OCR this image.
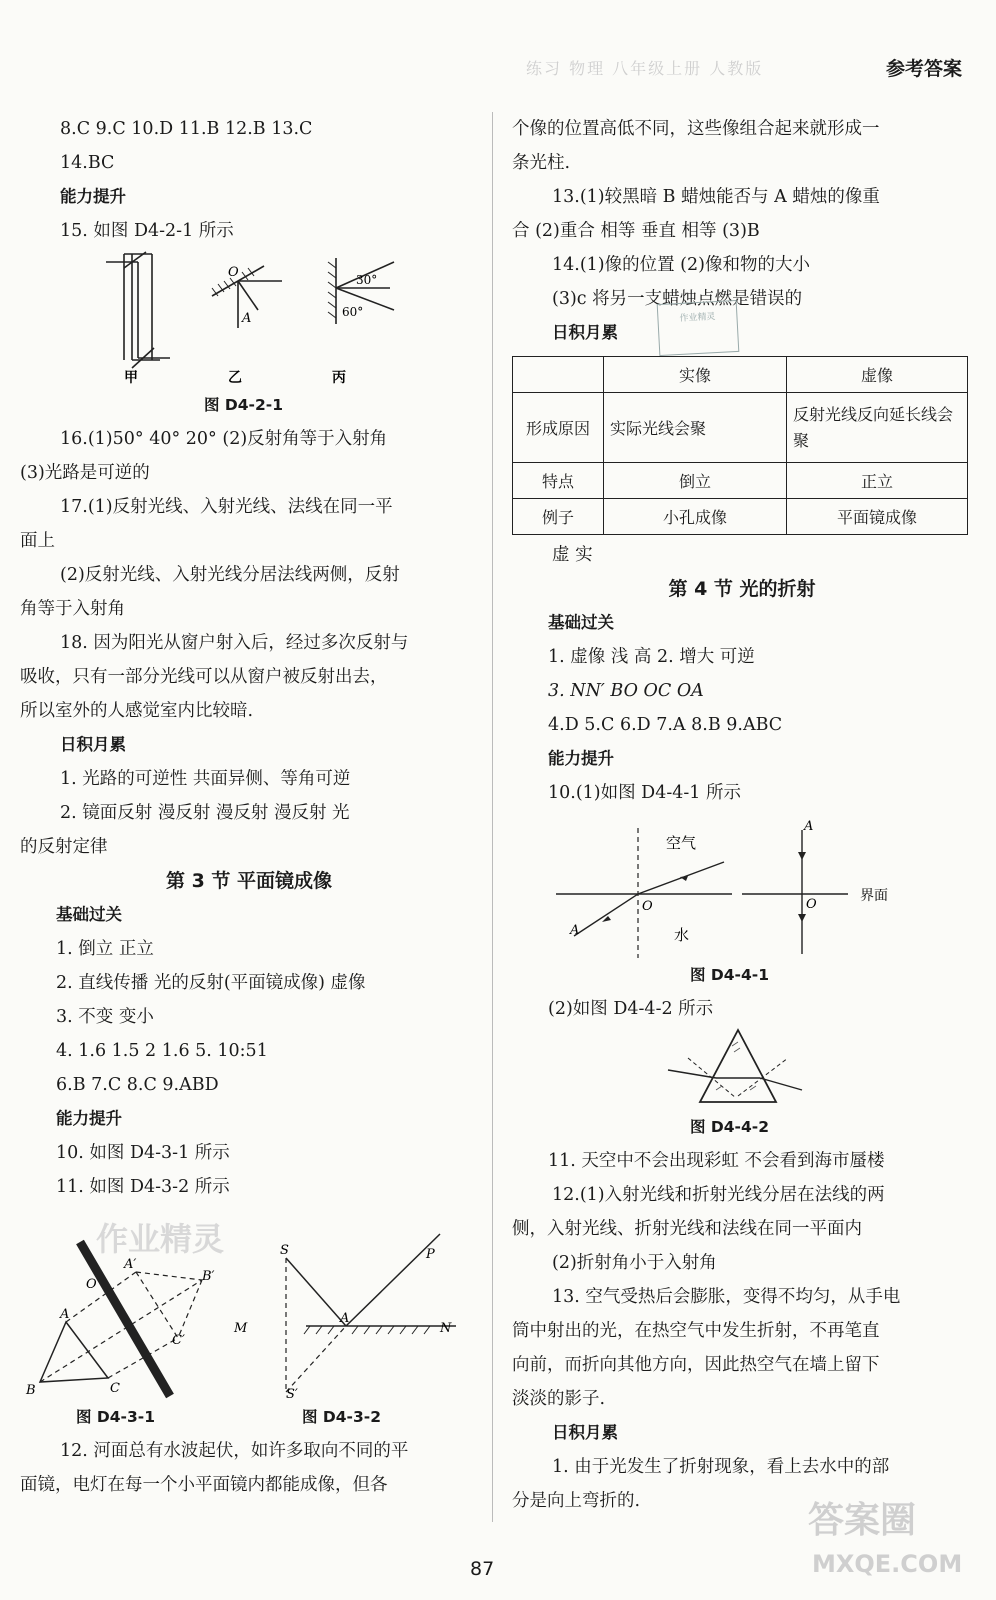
练习 物理 八年级上册 人教版	参考答案
8.C 9.C 10.D 11.B 12.B 13.C
14.BC
能力提升
15. 如图 D4-2-1 所示
O
A
30°
60°
甲	乙	丙
图 D4-2-1
16.(1)50° 40° 20° (2)反射角等于入射角
(3)光路是可逆的
17.(1)反射光线、入射光线、法线在同一平
面上
(2)反射光线、入射光线分居法线两侧，反射
角等于入射角
18. 因为阳光从窗户射入后，经过多次反射与
吸收，只有一部分光线可以从窗户被反射出去，
所以室外的人感觉室内比较暗.
日积月累
1. 光路的可逆性 共面异侧、等角可逆
2. 镜面反射 漫反射 漫反射 漫反射 光
的反射定律
第 3 节 平面镜成像
基础过关
1. 倒立 正立
2. 直线传播 光的反射(平面镜成像) 虚像
3. 不变 变小
4. 1.6 1.5 2 1.6 5. 10:51
6.B 7.C 8.C 9.ABD
能力提升
10. 如图 D4-3-1 所示
11. 如图 D4-3-2 所示
A
B	C
O
A′
B′
C′
S
S′
M	N
P
A
图 D4-3-1	图 D4-3-2
12. 河面总有水波起伏，如许多取向不同的平
面镜，电灯在每一个小平面镜内都能成像，但各
个像的位置高低不同，这些像组合起来就形成一
条光柱.
13.(1)较黑暗 B 蜡烛能否与 A 蜡烛的像重
合 (2)重合 相等 垂直 相等 (3)B
14.(1)像的位置 (2)像和物的大小
(3)c 将另一支蜡烛点燃是错误的
日积月累
	实像	虚像
形成原因	实际光线会聚	反射光线反向延长线会聚
特点	倒立	正立
例子	小孔成像	平面镜成像
虚 实
第 4 节 光的折射
基础过关
1. 虚像 浅 高 2. 增大 可逆
3. NN′ BO OC OA
4.D 5.C 6.D 7.A 8.B 9.ABC
能力提升
10.(1)如图 D4-4-1 所示
空气
水
O
A
O
A
界面
图 D4-4-1
(2)如图 D4-4-2 所示
图 D4-4-2
11. 天空中不会出现彩虹 不会看到海市蜃楼
12.(1)入射光线和折射光线分居在法线的两
侧，入射光线、折射光线和法线在同一平面内
(2)折射角小于入射角
13. 空气受热后会膨胀，变得不均匀，从手电
筒中射出的光，在热空气中发生折射，不再笔直
向前，而折向其他方向，因此热空气在墙上留下
淡淡的影子.
日积月累
1. 由于光发生了折射现象，看上去水中的部
分是向上弯折的.
作业精灵
作业精灵
答案圈
MXQE.COM
87
